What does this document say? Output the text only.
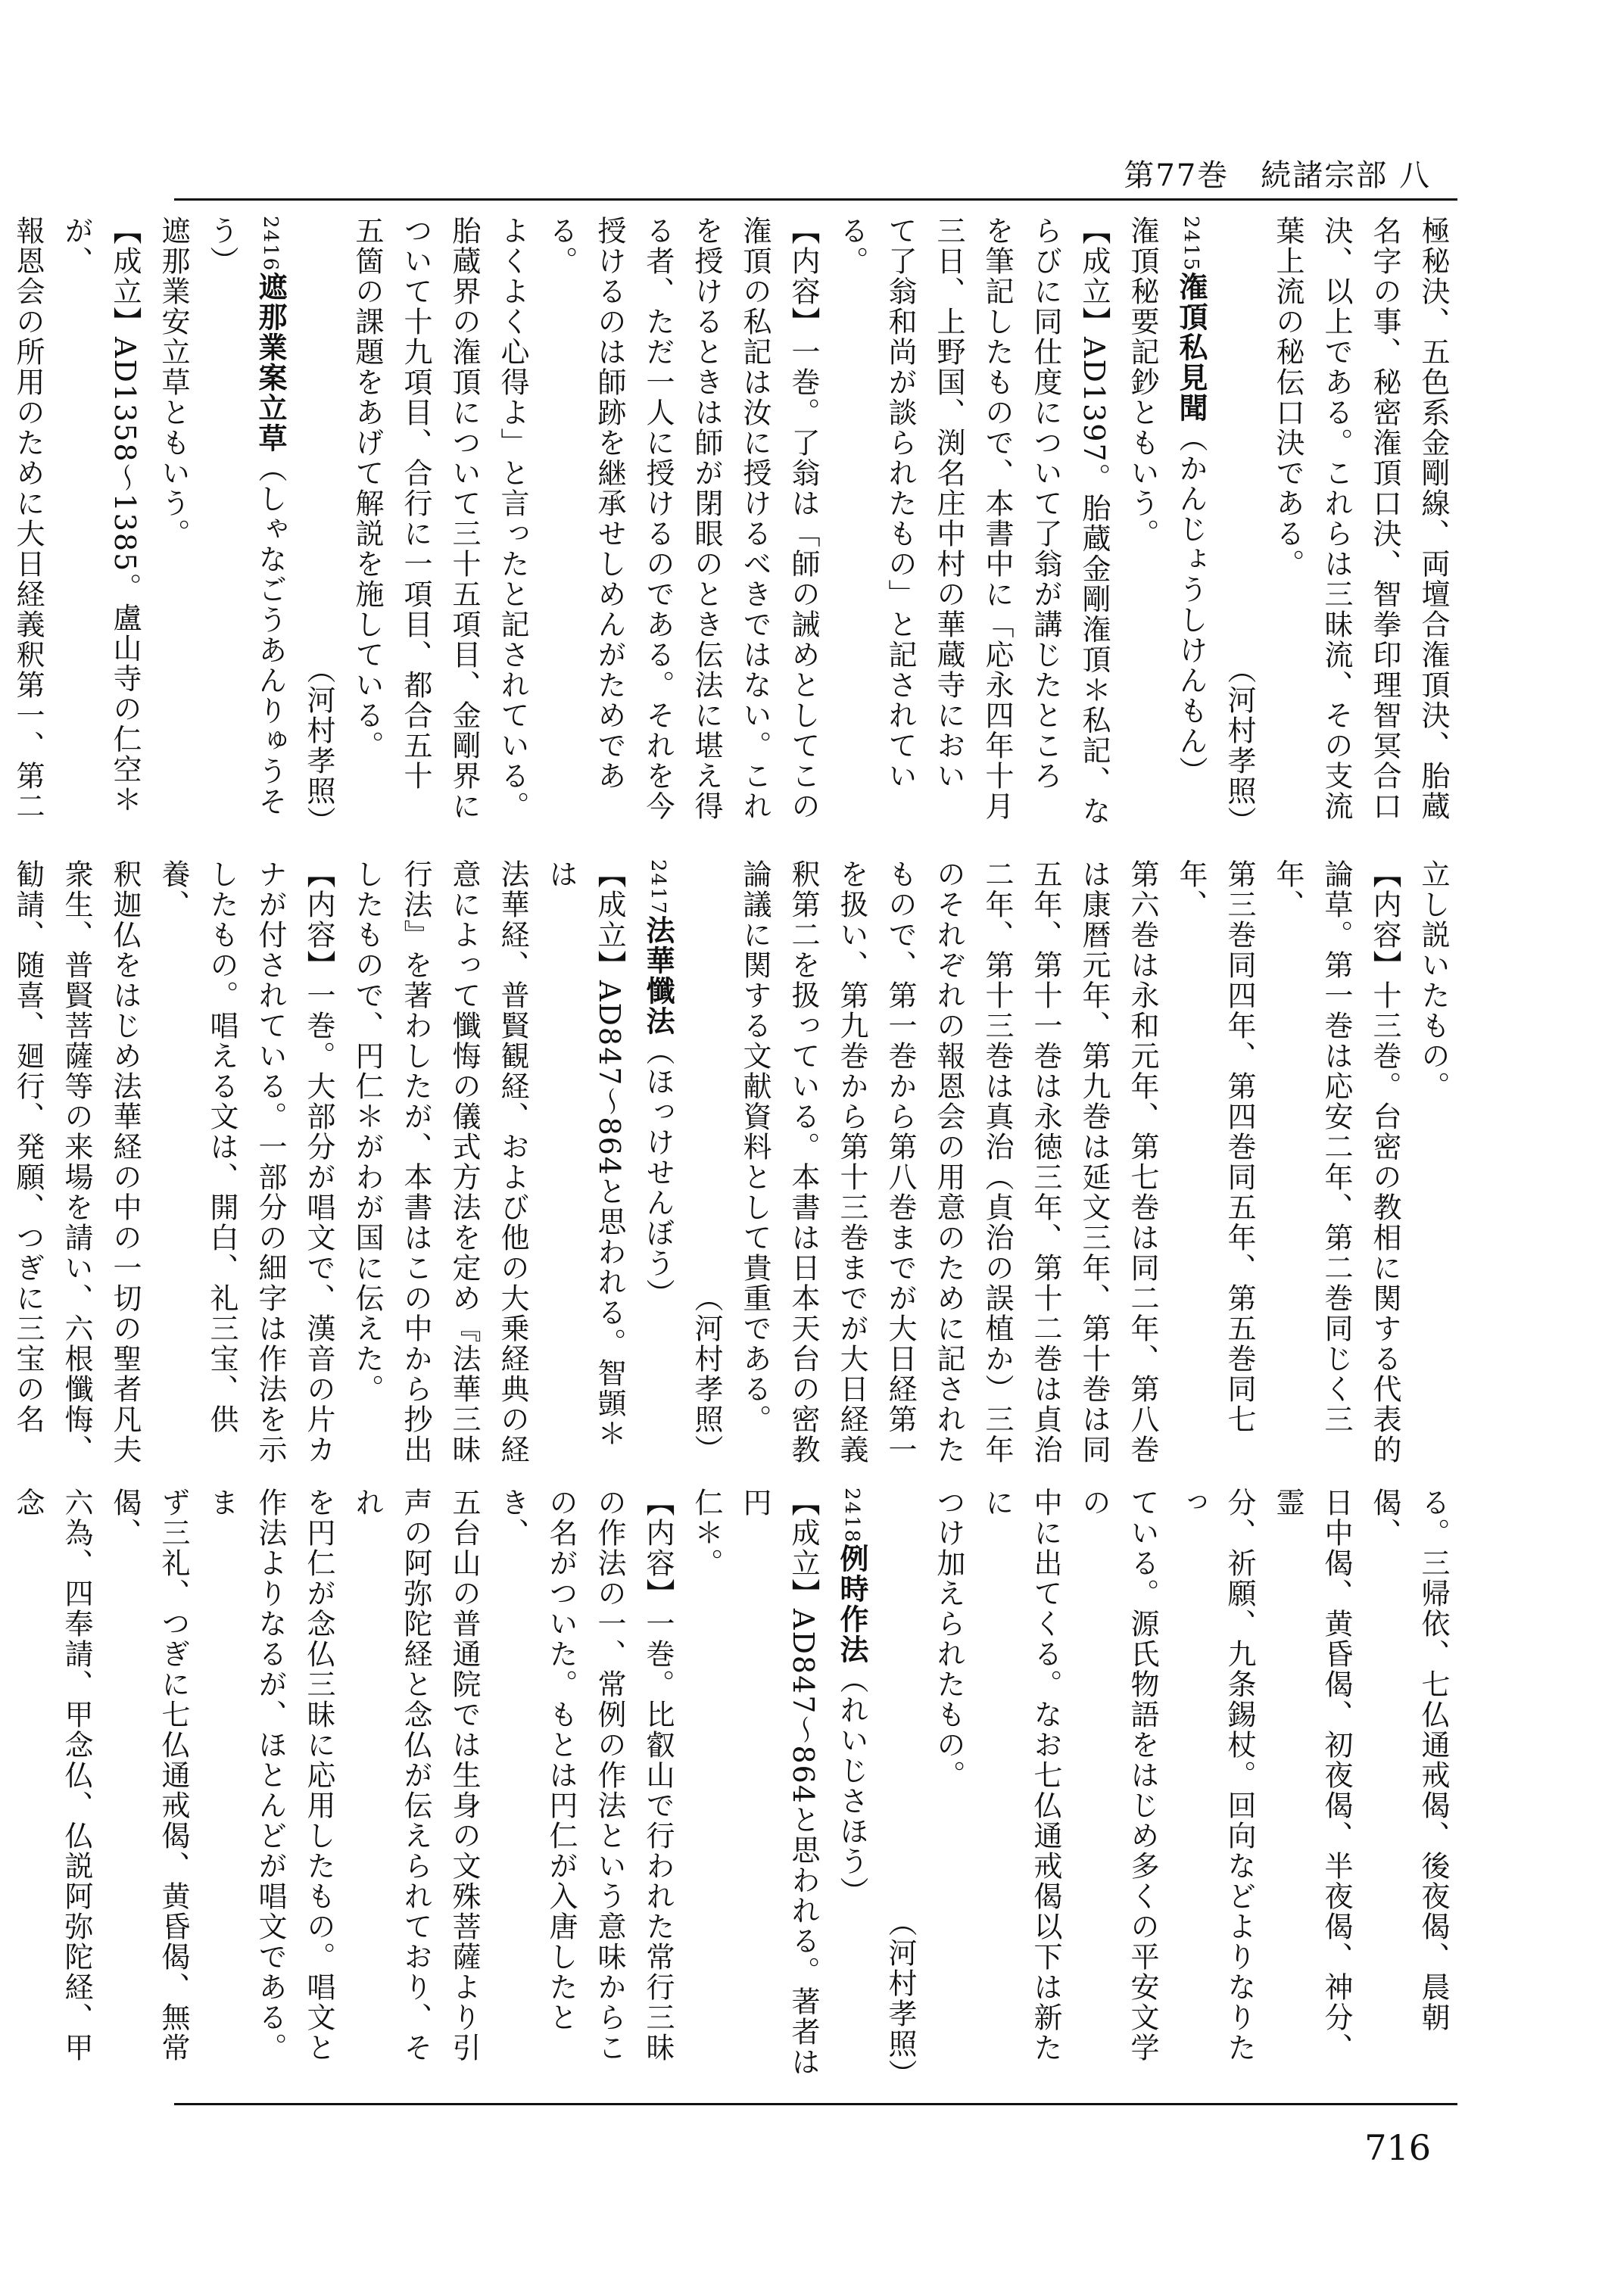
第77巻　 続諸宗部 八
極秘決、五色系金剛線、両壇合潅頂決、胎蔵
名字の事、秘密潅頂口決、智拳印理智冥合口
決、以上である。これらは三昧流、その支流
葉上流の秘伝口決である。
（河村孝照）
2415潅頂私見聞（かんじょうしけんもん）
潅頂秘要記鈔ともいう。
【成立】AD1397。胎蔵金剛潅頂＊私記、な
らびに同仕度について了翁が講じたところ
を筆記したもので、本書中に「応永四年十月
三日、上野国、渕名庄中村の華蔵寺におい
て了翁和尚が談られたもの」と記されている。
【内容】一巻。了翁は「師の誡めとしてこの
潅頂の私記は汝に授けるべきではない。これ
を授けるときは師が閉眼のとき伝法に堪え得
る者、ただ一人に授けるのである。それを今
授けるのは師跡を継承せしめんがためである。
よくよく心得よ」と言ったと記されている。
胎蔵界の潅頂について三十五項目、金剛界に
ついて十九項目、合行に一項目、都合五十
五箇の課題をあげて解説を施している。
（河村孝照）
2416遮那業案立草（しゃなごうあんりゅうそう）
遮那業安立草ともいう。
【成立】AD1358～1385。盧山寺の仁空＊が、
報恩会の所用のために大日経義釈第一、第二
立し説いたもの。
【内容】十三巻。台密の教相に関する代表的
論草。第一巻は応安二年、第二巻同じく三年、
第三巻同四年、第四巻同五年、第五巻同七年、
第六巻は永和元年、第七巻は同二年、第八巻
は康暦元年、第九巻は延文三年、第十巻は同
五年、第十一巻は永徳三年、第十二巻は貞治
二年、第十三巻は真治（貞治の誤植か）三年
のそれぞれの報恩会の用意のために記された
もので、第一巻から第八巻までが大日経第一
を扱い、第九巻から第十三巻までが大日経義
釈第二を扱っている。本書は日本天台の密教
論議に関する文献資料として貴重である。
（河村孝照）
2417法華懺法（ほっけせんぼう）
【成立】AD847～864と思われる。智顗＊は
法華経、普賢観経、および他の大乗経典の経
意によって懺悔の儀式方法を定め『法華三昧
行法』を著わしたが、本書はこの中から抄出
したもので、円仁＊がわが国に伝えた。
【内容】一巻。大部分が唱文で、漢音の片カ
ナが付されている。一部分の細字は作法を示
したもの。唱える文は、開白、礼三宝、供養、
釈迦仏をはじめ法華経の中の一切の聖者凡夫
衆生、普賢菩薩等の来場を請い、六根懺悔、
勧請、随喜、廻行、発願、つぎに三宝の名
る。三帰依、七仏通戒偈、後夜偈、晨朝偈、
日中偈、黄昏偈、初夜偈、半夜偈、神分、霊
分、祈願、九条錫杖。回向などよりなりたっ
ている。源氏物語をはじめ多くの平安文学の
中に出てくる。なお七仏通戒偈以下は新たに
つけ加えられたもの。
（河村孝照）
2418例時作法（れいじさほう）
【成立】AD847～864と思われる。著者は円
仁＊。
【内容】一巻。比叡山で行われた常行三昧
の作法の一、常例の作法という意味からこ
の名がついた。もとは円仁が入唐したとき、
五台山の普通院では生身の文殊菩薩より引
声の阿弥陀経と念仏が伝えられており、それ
を円仁が念仏三昧に応用したもの。唱文と
作法よりなるが、ほとんどが唱文である。ま
ず三礼、つぎに七仏通戒偈、黄昏偈、無常偈、
六為、四奉請、甲念仏、仏説阿弥陀経、甲念
716
